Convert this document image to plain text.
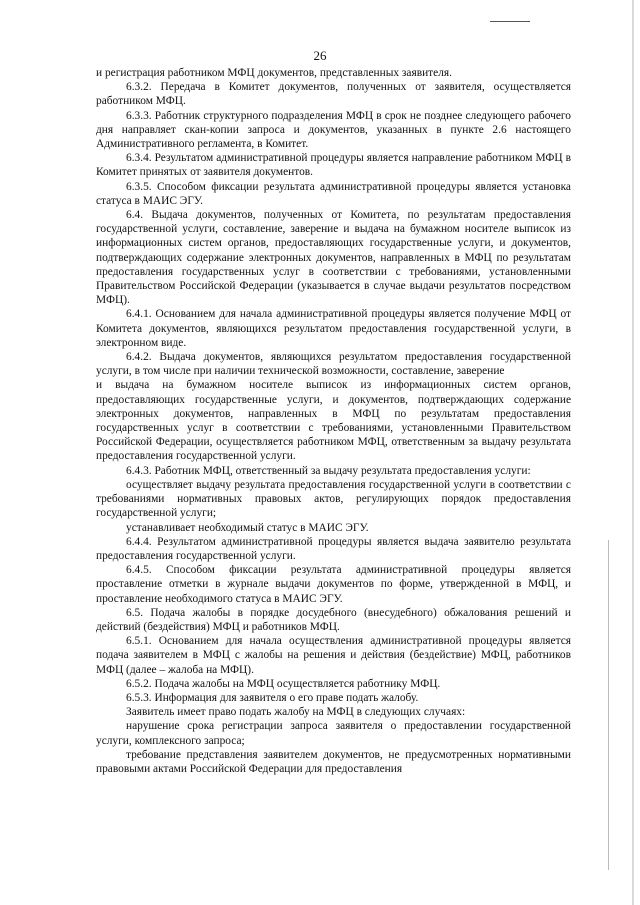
26

и регистрация работником МФЦ документов, представленных заявителя.

6.3.2. Передача в Комитет документов, полученных от заявителя, осуществляется работником МФЦ.

6.3.3. Работник структурного подразделения МФЦ в срок не позднее следующего рабочего дня направляет скан-копии запроса и документов, указанных в пункте 2.6 настоящего Административного регламента, в Комитет.

6.3.4. Результатом административной процедуры является направление работником МФЦ в Комитет принятых от заявителя документов.

6.3.5. Способом фиксации результата административной процедуры является установка статуса в МАИС ЭГУ.

6.4. Выдача документов, полученных от Комитета, по результатам предоставления государственной услуги, составление, заверение и выдача на бумажном носителе выписок из информационных систем органов, предоставляющих государственные услуги, и документов, подтверждающих содержание электронных документов, направленных в МФЦ по результатам предоставления государственных услуг в соответствии с требованиями, установленными Правительством Российской Федерации (указывается в случае выдачи результатов посредством МФЦ).

6.4.1. Основанием для начала административной процедуры является получение МФЦ от Комитета документов, являющихся результатом предоставления государственной услуги, в электронном виде.

6.4.2. Выдача документов, являющихся результатом предоставления государственной услуги, в том числе при наличии технической возможности, составление, заверение

и выдача на бумажном носителе выписок из информационных систем органов, предоставляющих государственные услуги, и документов, подтверждающих содержание электронных документов, направленных в МФЦ по результатам предоставления государственных услуг в соответствии с требованиями, установленными Правительством Российской Федерации, осуществляется работником МФЦ, ответственным за выдачу результата предоставления государственной услуги.

6.4.3. Работник МФЦ, ответственный за выдачу результата предоставления услуги:

осуществляет выдачу результата предоставления государственной услуги в соответствии с требованиями нормативных правовых актов, регулирующих порядок предоставления государственной услуги;

устанавливает необходимый статус в МАИС ЭГУ.

6.4.4. Результатом административной процедуры является выдача заявителю результата предоставления государственной услуги.

6.4.5. Способом фиксации результата административной процедуры является проставление отметки в журнале выдачи документов по форме, утвержденной в МФЦ, и проставление необходимого статуса в МАИС ЭГУ.

6.5. Подача жалобы в порядке досудебного (внесудебного) обжалования решений и действий (бездействия) МФЦ и работников МФЦ.

6.5.1. Основанием для начала осуществления административной процедуры является подача заявителем в МФЦ с жалобы на решения и действия (бездействие) МФЦ, работников МФЦ (далее – жалоба на МФЦ).

6.5.2. Подача жалобы на МФЦ осуществляется работнику МФЦ.

6.5.3. Информация для заявителя о его праве подать жалобу.

Заявитель имеет право подать жалобу на МФЦ в следующих случаях:

нарушение срока регистрации запроса заявителя о предоставлении государственной услуги, комплексного запроса;

требование представления заявителем документов, не предусмотренных нормативными правовыми актами Российской Федерации для предоставления
